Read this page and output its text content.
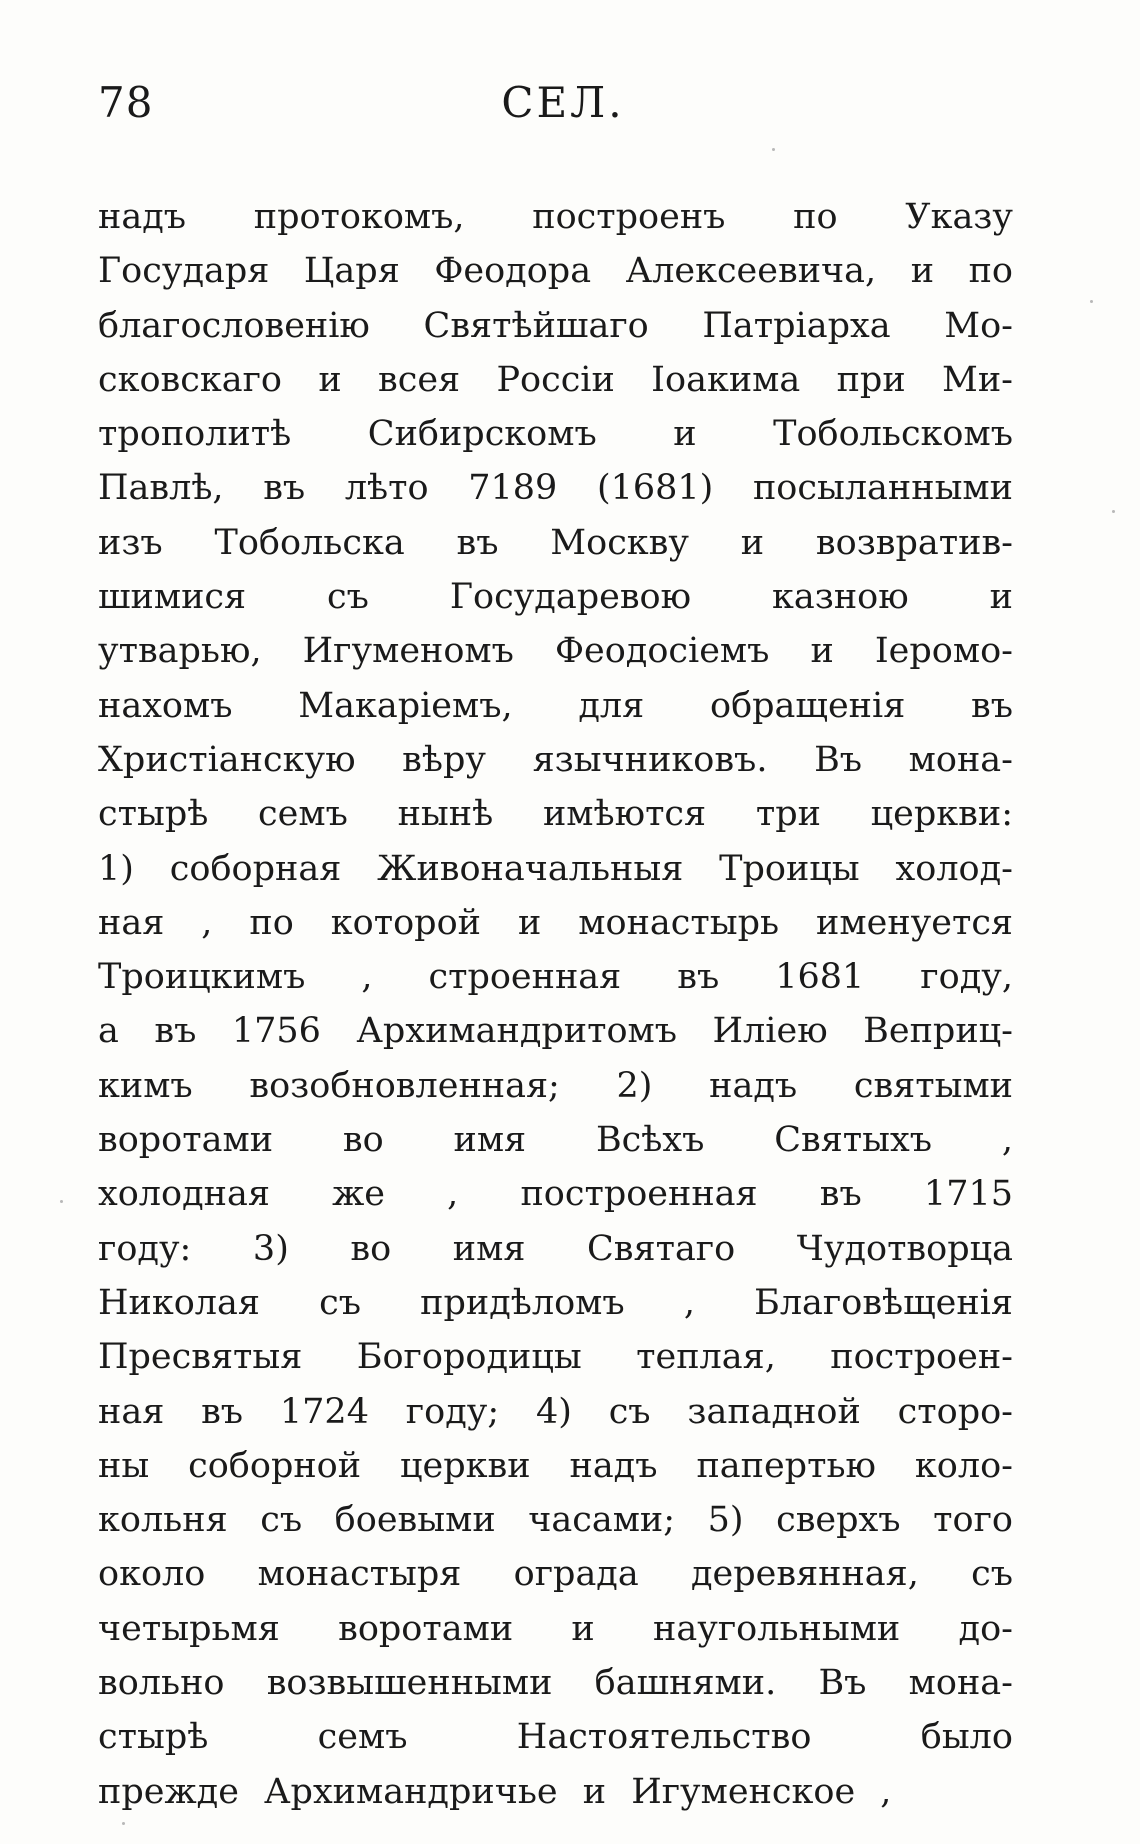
78	СЕЛ.
надъ протокомъ, построенъ по Указу
Государя Царя Феодора Алексеевича, и по
благословенію Святѣйшаго Патріарха Мо-
сковскаго и всея Россіи Іоакима при Ми-
трополитѣ Сибирскомъ и Тобольскомъ
Павлѣ, въ лѣто 7189 (1681) посыланными
изъ Тобольска въ Москву и возвратив-
шимися съ Государевою казною и
утварью, Игуменомъ Феодосіемъ и Іеромо-
нахомъ Макаріемъ, для обращенія въ
Христіанскую вѣру язычниковъ. Въ мона-
стырѣ семъ нынѣ имѣются три церкви:
1) соборная Живоначальныя Троицы холод-
ная , по которой и монастырь именуется
Троицкимъ , строенная въ 1681 году,
а въ 1756 Архимандритомъ Иліею Веприц-
кимъ возобновленная; 2) надъ святыми
воротами во имя Всѣхъ Святыхъ ,
холодная же , построенная въ 1715
году: 3) во имя Святаго Чудотворца
Николая съ придѣломъ , Благовѣщенія
Пресвятыя Богородицы теплая, построен-
ная въ 1724 году; 4) съ западной сторо-
ны соборной церкви надъ папертью коло-
кольня съ боевыми часами; 5) сверхъ того
около монастыря ограда деревянная, съ
четырьмя воротами и наугольными до-
вольно возвышенными башнями. Въ мона-
стырѣ семъ Настоятельство было
прежде Архимандричье и Игуменское ,
